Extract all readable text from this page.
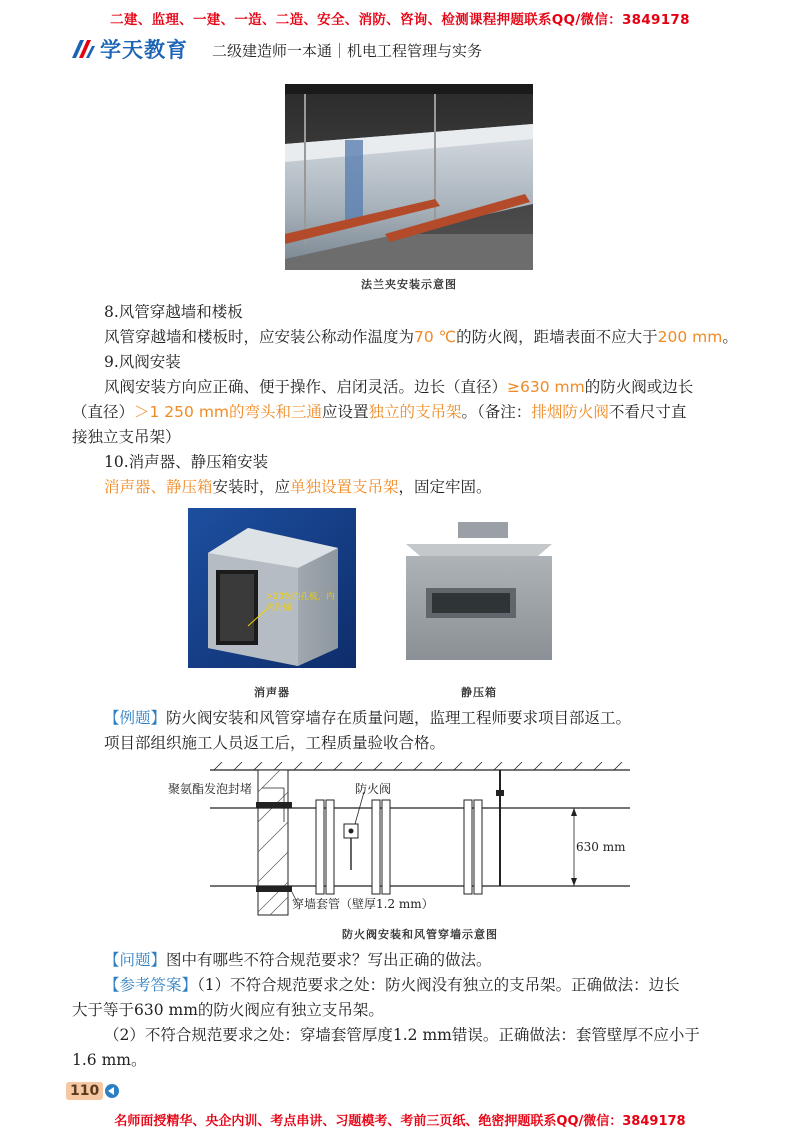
二建、监理、一建、一造、二造、安全、消防、咨询、检测课程押题联系QQ/微信：3849178
学天教育 二级建造师一本通｜机电工程管理与实务
法兰夹安装示意图
8.风管穿越墙和楼板
风管穿越墙和楼板时，应安装公称动作温度为70 ℃的防火阀，距墙表面不应大于200 mm。
9.风阀安装
风阀安装方向应正确、便于操作、启闭灵活。边长（直径）≥630 mm的防火阀或边长
（直径）＞1 250 mm的弯头和三通应设置独立的支吊架。（备注：排烟防火阀不看尺寸直
接独立支吊架）
10.消声器、静压箱安装
消声器、静压箱安装时，应单独设置支吊架，固定牢固。
>20%的孔板，内夹岩棉
消声器	静压箱
【例题】防火阀安装和风管穿墙存在质量问题，监理工程师要求项目部返工。
项目部组织施工人员返工后，工程质量验收合格。
聚氨酯发泡封堵	防火阀
630 mm
穿墙套管（壁厚1.2 mm）
防火阀安装和风管穿墙示意图
【问题】图中有哪些不符合规范要求？写出正确的做法。
【参考答案】（1）不符合规范要求之处：防火阀没有独立的支吊架。正确做法：边长
大于等于630 mm的防火阀应有独立支吊架。
（2）不符合规范要求之处：穿墙套管厚度1.2 mm错误。正确做法：套管壁厚不应小于
1.6 mm。
110
名师面授精华、央企内训、考点串讲、习题模考、考前三页纸、绝密押题联系QQ/微信：3849178
